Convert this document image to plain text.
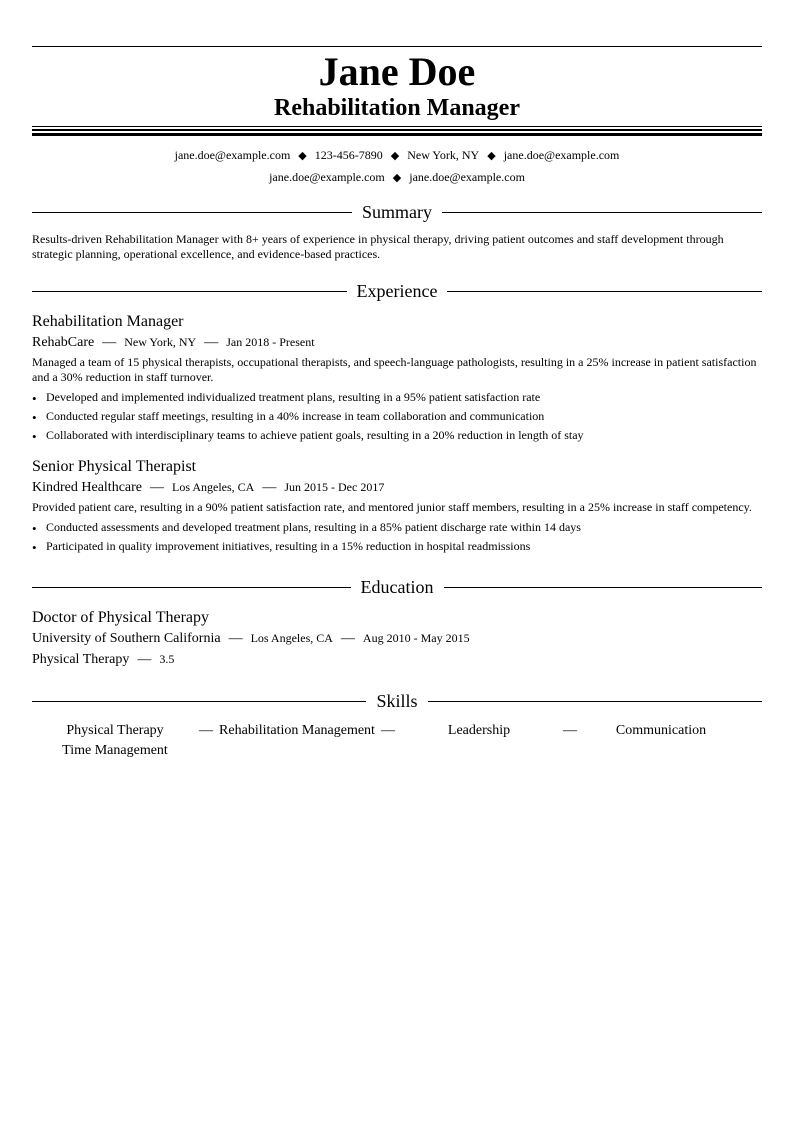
Jane Doe
Rehabilitation Manager
jane.doe@example.com ◆ 123-456-7890 ◆ New York, NY ◆ jane.doe@example.com
jane.doe@example.com ◆ jane.doe@example.com
Summary
Results-driven Rehabilitation Manager with 8+ years of experience in physical therapy, driving patient outcomes and staff development through strategic planning, operational excellence, and evidence-based practices.
Experience
Rehabilitation Manager
RehabCare — New York, NY — Jan 2018 - Present
Managed a team of 15 physical therapists, occupational therapists, and speech-language pathologists, resulting in a 25% increase in patient satisfaction and a 30% reduction in staff turnover.
• Developed and implemented individualized treatment plans, resulting in a 95% patient satisfaction rate
• Conducted regular staff meetings, resulting in a 40% increase in team collaboration and communication
• Collaborated with interdisciplinary teams to achieve patient goals, resulting in a 20% reduction in length of stay
Senior Physical Therapist
Kindred Healthcare — Los Angeles, CA — Jun 2015 - Dec 2017
Provided patient care, resulting in a 90% patient satisfaction rate, and mentored junior staff members, resulting in a 25% increase in staff competency.
• Conducted assessments and developed treatment plans, resulting in a 85% patient discharge rate within 14 days
• Participated in quality improvement initiatives, resulting in a 15% reduction in hospital readmissions
Education
Doctor of Physical Therapy
University of Southern California — Los Angeles, CA — Aug 2010 - May 2015
Physical Therapy — 3.5
Skills
Physical Therapy	— Rehabilitation Management —	Leadership	—	Communication
Time Management
